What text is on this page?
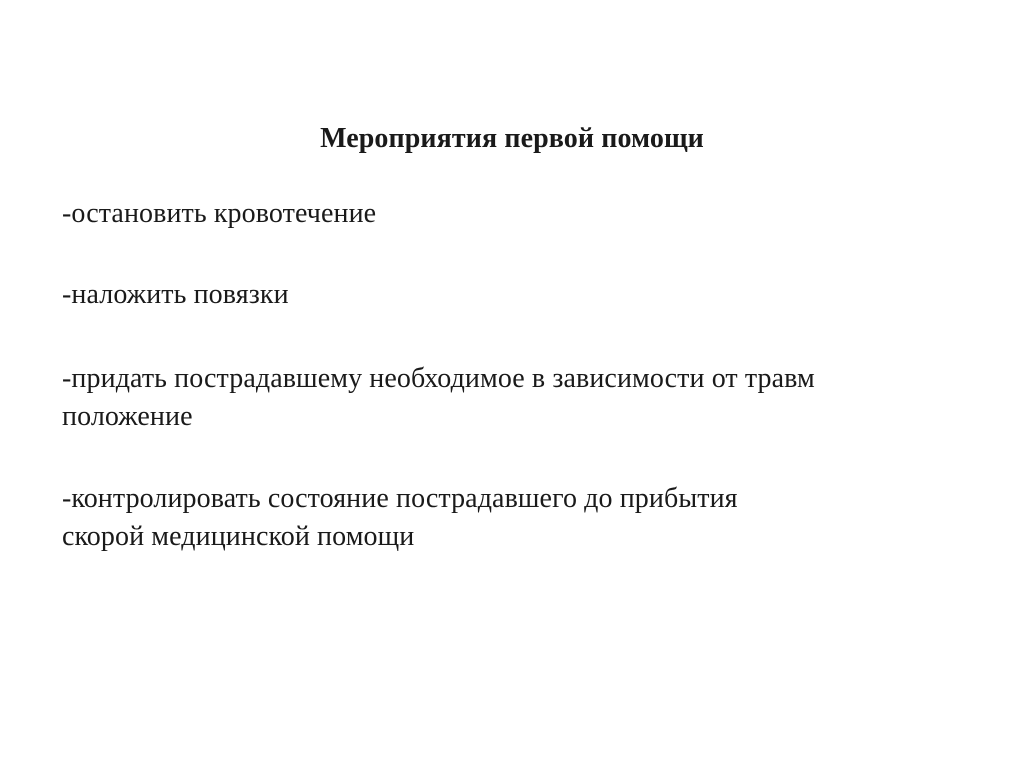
Мероприятия первой помощи
-остановить кровотечение
-наложить повязки
-придать пострадавшему необходимое в зависимости от травм
положение
-контролировать состояние пострадавшего до прибытия
скорой медицинской помощи
